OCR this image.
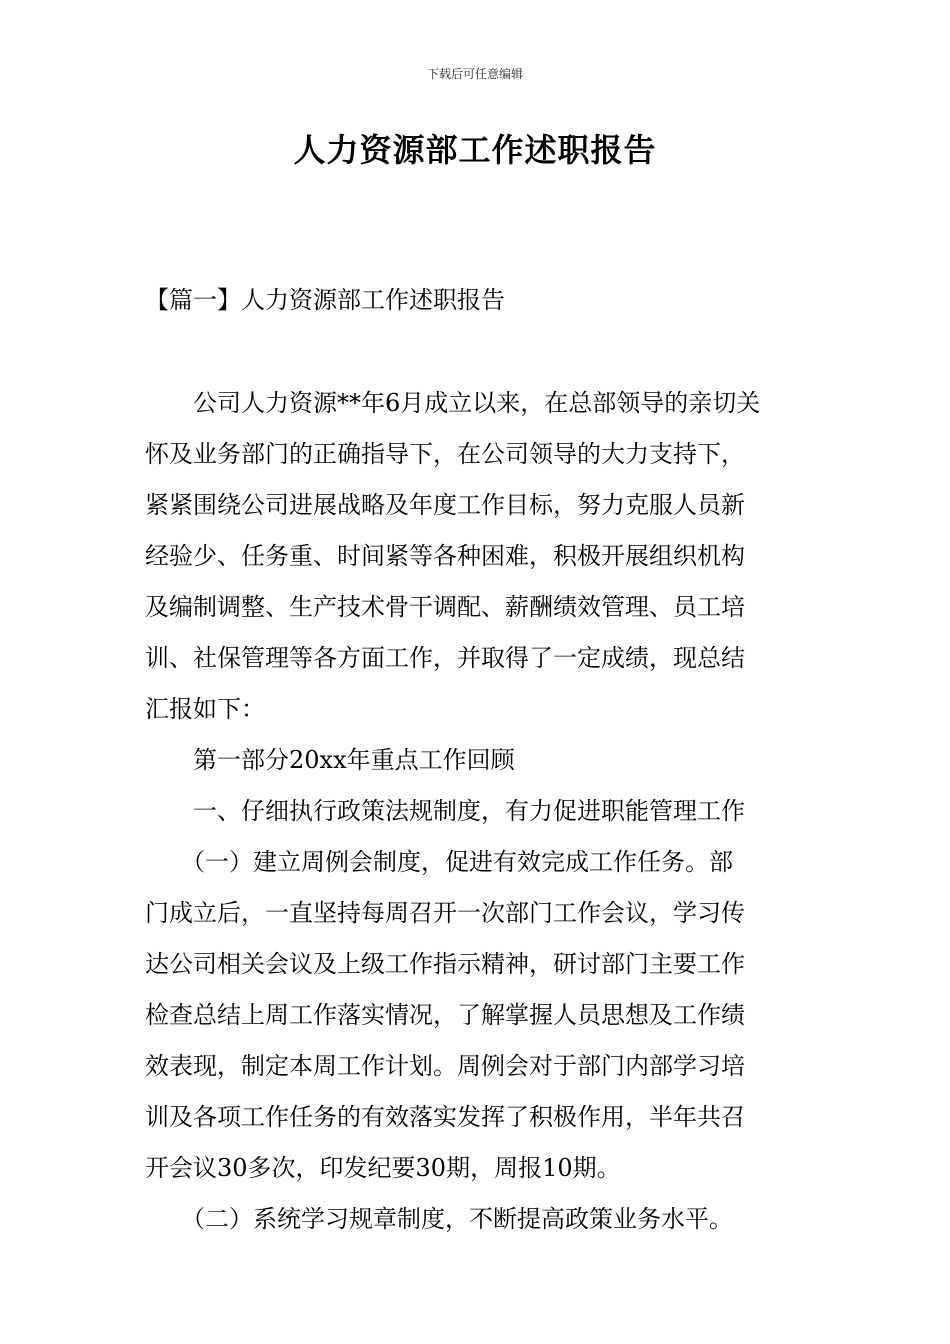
下载后可任意编辑
人力资源部工作述职报告
【篇一】人力资源部工作述职报告

公司人力资源**年6月成立以来，在总部领导的亲切关
怀及业务部门的正确指导下，在公司领导的大力支持下，
紧紧围绕公司进展战略及年度工作目标，努力克服人员新
经验少、任务重、时间紧等各种困难，积极开展组织机构
及编制调整、生产技术骨干调配、薪酬绩效管理、员工培
训、社保管理等各方面工作，并取得了一定成绩，现总结
汇报如下：

第一部分20xx年重点工作回顾

一、仔细执行政策法规制度，有力促进职能管理工作

（一）建立周例会制度，促进有效完成工作任务。部
门成立后，一直坚持每周召开一次部门工作会议，学习传
达公司相关会议及上级工作指示精神，研讨部门主要工作
检查总结上周工作落实情况，了解掌握人员思想及工作绩
效表现，制定本周工作计划。周例会对于部门内部学习培
训及各项工作任务的有效落实发挥了积极作用，半年共召
开会议30多次，印发纪要30期，周报10期。

（二）系统学习规章制度，不断提高政策业务水平。
